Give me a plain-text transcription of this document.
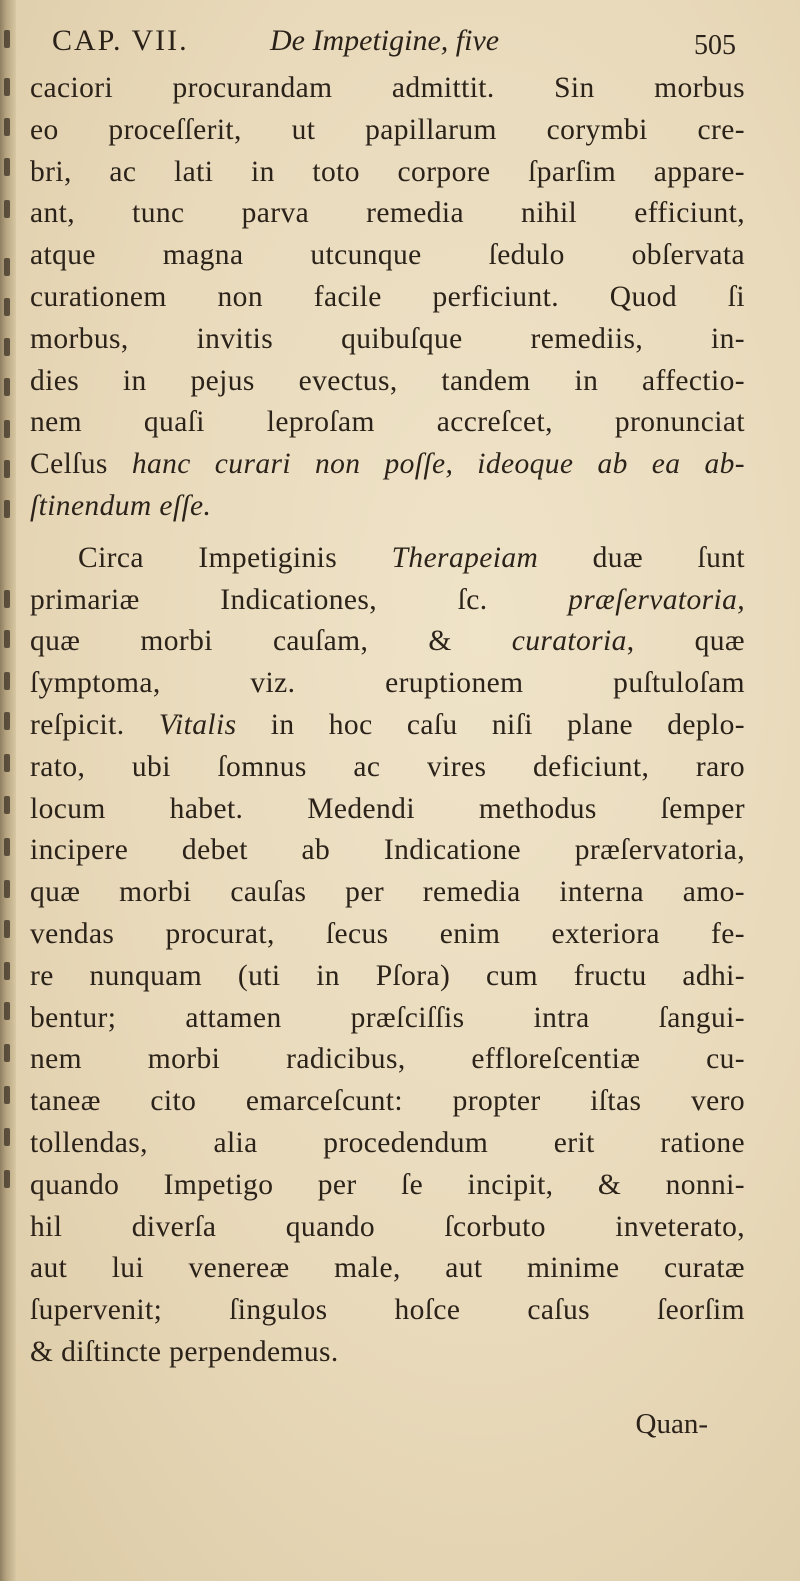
CAP. VII.	De Impetigine, five	505
caciori procurandam admittit. Sin morbus
eo proceſſerit, ut papillarum corymbi cre-
bri, ac lati in toto corpore ſparſim appare-
ant, tunc parva remedia nihil efficiunt,
atque magna utcunque ſedulo obſervata
curationem non facile perficiunt. Quod ſi
morbus, invitis quibuſque remediis, in-
dies in pejus evectus, tandem in affectio-
nem quaſi leproſam accreſcet, pronunciat
Celſus hanc curari non poſſe, ideoque ab ea ab-
ſtinendum eſſe.
Circa Impetiginis Therapeiam duæ ſunt
primariæ Indicationes, ſc. præſervatoria,
quæ morbi cauſam, & curatoria, quæ
ſymptoma, viz. eruptionem puſtuloſam
reſpicit. Vitalis in hoc caſu niſi plane deplo-
rato, ubi ſomnus ac vires deficiunt, raro
locum habet. Medendi methodus ſemper
incipere debet ab Indicatione præſervatoria,
quæ morbi cauſas per remedia interna amo-
vendas procurat, ſecus enim exteriora fe-
re nunquam (uti in Pſora) cum fructu adhi-
bentur; attamen præſciſſis intra ſangui-
nem morbi radicibus, efflorеſcentiæ cu-
taneæ cito emarceſcunt: propter iſtas vero
tollendas, alia procedendum erit ratione
quando Impetigo per ſe incipit, & nonni-
hil diverſa quando ſcorbuto inveterato,
aut lui venereæ male, aut minime curatæ
ſupervenit; ſingulos hoſce caſus ſeorſim
& diſtincte perpendemus.
Quan-
